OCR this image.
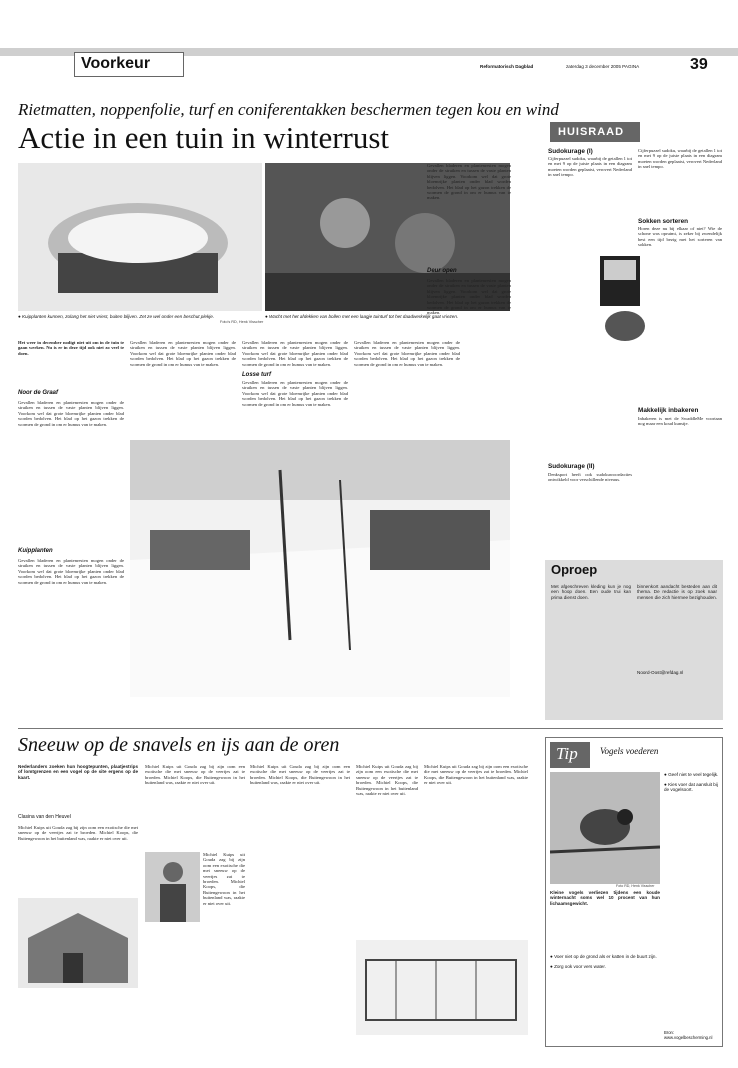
Voorkeur	Reformatorisch Dagblad	zaterdag 3 december 2005 PAGINA	39
Rietmatten, noppenfolie, turf en coniferentakken beschermen tegen kou en wind
Actie in een tuin in winterrust
● Kuipplanten kunnen, zolang het niet vriest, buiten blijven. Zet ze wel onder een beschut plekje.
Foto's RD, Henk Visscher
● Wacht met het afdekken van bollen met een laagje tuinturf tot het daadwerkelijk gaat vriezen.
Het weer in december nodigt niet uit om in de tuin te gaan werken. Nu is er in deze tijd ook niet zo veel te doen.
Noor de Graaf
Gevallen bladeren en plantenresten mogen onder de struiken en tussen de vaste planten blijven liggen. Voorkom wel dat grote bloemrijke planten onder blad worden bedolven. Het blad op het gazon trekken de wormen de grond in om er humus van te maken.
Kuipplanten
Gevallen bladeren en plantenresten mogen onder de struiken en tussen de vaste planten blijven liggen. Voorkom wel dat grote bloemrijke planten onder blad worden bedolven. Het blad op het gazon trekken de wormen de grond in om er humus van te maken.
Gevallen bladeren en plantenresten mogen onder de struiken en tussen de vaste planten blijven liggen. Voorkom wel dat grote bloemrijke planten onder blad worden bedolven. Het blad op het gazon trekken de wormen de grond in om er humus van te maken.
Gevallen bladeren en plantenresten mogen onder de struiken en tussen de vaste planten blijven liggen. Voorkom wel dat grote bloemrijke planten onder blad worden bedolven. Het blad op het gazon trekken de wormen de grond in om er humus van te maken.
Losse turf
Gevallen bladeren en plantenresten mogen onder de struiken en tussen de vaste planten blijven liggen. Voorkom wel dat grote bloemrijke planten onder blad worden bedolven. Het blad op het gazon trekken de wormen de grond in om er humus van te maken.
Gevallen bladeren en plantenresten mogen onder de struiken en tussen de vaste planten blijven liggen. Voorkom wel dat grote bloemrijke planten onder blad worden bedolven. Het blad op het gazon trekken de wormen de grond in om er humus van te maken.
Gevallen bladeren en plantenresten mogen onder de struiken en tussen de vaste planten blijven liggen. Voorkom wel dat grote bloemrijke planten onder blad worden bedolven. Het blad op het gazon trekken de wormen de grond in om er humus van te maken.
Deur open
Gevallen bladeren en plantenresten mogen onder de struiken en tussen de vaste planten blijven liggen. Voorkom wel dat grote bloemrijke planten onder blad worden bedolven. Het blad op het gazon trekken de wormen de grond in om er humus van te maken.
HUISRAAD
Sudokurage (I)
Cijferpuzzel sudoku, waarbij de getallen 1 tot en met 9 op de juiste plaats in een diagram moeten worden geplaatst, verovert Nederland in snel tempo.
Sudokurage (II)
Denksport heeft ook sudokuwoordacties ontwikkeld voor verschillende niveaus.
Cijferpuzzel sudoku, waarbij de getallen 1 tot en met 9 op de juiste plaats in een diagram moeten worden geplaatst, verovert Nederland in snel tempo.
Sokken sorteren
Horen deze nu bij elkaar of niet? Wie de schone was opruimt, is zeker bij zwendelijk best een tijd bezig met het sorteren van sokken.
Makkelijk inbakeren
Inbakeren is met de SwaddleMe voortaan nog maar een koud kunstje.
Oproep
Met afgeschreven kleding kun je nog een hoop doen. Een oude trui kan prima dienst doen.
binnenkort aandacht besteden aan dit thema. De redactie is op zoek naar mensen die zich hiermee bezighouden.
Noord-Oost@refdag.nl
Sneeuw op de snavels en ijs aan de oren
Nederlanders zoeken hun hoogtepunten, plaatjestrips of lomtgrenzen en een vogel op de site ergens op de kaart.
Clasina van den Heuvel
Michiel Kuips uit Gouda zag bij zijn oom een exotische die met sneeuw op de veertjes zat te broeden. Michiel Koops, die Buitengewoon in het buitenland was, raakte er niet over uit.
Michiel Kuips uit Gouda zag bij zijn oom een exotische die met sneeuw op de veertjes zat te broeden. Michiel Koops, die Buitengewoon in het buitenland was, raakte er niet over uit.
Michiel Kuips uit Gouda zag bij zijn oom een exotische die met sneeuw op de veertjes zat te broeden. Michiel Koops, die Buitengewoon in het buitenland was, raakte er niet over uit.
Michiel Kuips uit Gouda zag bij zijn oom een exotische die met sneeuw op de veertjes zat te broeden. Michiel Koops, die Buitengewoon in het buitenland was, raakte er niet over uit.
Michiel Kuips uit Gouda zag bij zijn oom een exotische die met sneeuw op de veertjes zat te broeden. Michiel Koops, die Buitengewoon in het buitenland was, raakte er niet over uit.
Michiel Kuips uit Gouda zag bij zijn oom een exotische die met sneeuw op de veertjes zat te broeden. Michiel Koops, die Buitengewoon in het buitenland was, raakte er niet over uit.
Tip Vogels voederen
Foto RD, Henk Visscher
Kleine vogels verliezen tijdens een koude winternacht soms wel 10 procent van hun lichaamsgewicht.
● Geef niet te veel tegelijk.
● Kies voer dat aansluit bij de vogelsoort.
● Voer niet op de grond als er katten in de buurt zijn.
● Zorg ook voor vers water.
Bron: www.vogelbescherming.nl
